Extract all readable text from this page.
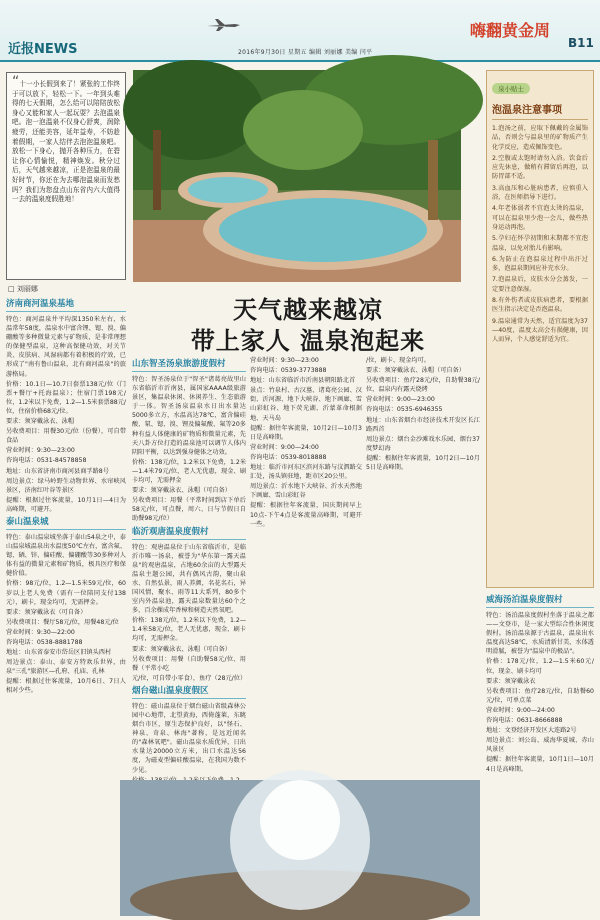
近报NEWS	2016年9月30日 星期五 编辑 刘丽娜 美编 闫平
嗨翻黄金周
B11
“十一小长假到来了！紧张的工作终于可以放下，轻松一下。一年到头难得的七天假期，怎么给可以陪陪放松身心又能和家人一起玩耍？去泡温泉吧。泡一泡温泉不仅身心舒爽，润除疲劳，还能美容，延年益寿，不妨趁着假期，一家人结伴去泡泡温泉吧。放松一下身心，抛开各种压力，在碧让你心情愉悦，精神焕发。秋分过后，天气越来越凉，正是泡温泉的最好时节，你还在为去哪泡温泉而发愁吗？我们为您盘点山东省内六大值得一去的温泉度假胜地！
□ 刘丽娜
天气越来越凉
带上家人 温泉泡起来
济南商河温泉基地

特色：商河温泉井平均深1350米左右，水温常年58度，温泉水中富含锂、锶、溴、偏硼酸等多种微量元素与矿物质，是非常理想的保健型温泉，这种高保健功效，对关节炎、皮肤病、风湿病都有着积极的疗效，已形成了"南有鲁山温泉，北有商河温泉"的旅游格局。

价格：10.1日—10.7日套票138元/位（门票+餐厅+托海温泉）；住宿门票198元/位，1.2米以下免费，1.2—1.5米套票88元/位，住宿价格68元/位。

要求：须穿戴泳衣、泳帽

另收费项目：用餐30元/位（份餐），可自带食品

营业时间：9:30—23:00

咨询电话：0531-84578858

地址：山东省济南市商河县商孚路8号

周边景点：绿马岭野生动物世界、水帘峡风景区，济南红叶谷等景区

提醒：根据过往客流量，10月1日—4日为高峰期，可避开。

泰山温泉城

特色：泰山温泉城坐落于泰山54泉之中，泰山温泉城温泉出水温度50℃左右，富含氟、锶、硒、锌、偏硅酸、偏硼酸等30多种对人体有益的微量元素和矿物质，极具医疗和保健价值。

价格：98元/位，1.2—1.5米59元/位，60岁以上老人免费（需有一位陪同支付138元），刷卡，现金均可，无需押金。

要求：须穿戴泳衣（可自备）

另收费项目：餐厅58元/位，用餐48元/位

营业时间：9:30—22:00

咨询电话：0538-8881788

地址：山东省泰安市岱岳区旧镇头西村

周边景点：泰山、泰安方特欢乐世界，由泉"三孔"旅游区—孔府、孔庙、孔林

提醒：根据过往客流量，10月6日、7日人相对少些。

山东智圣汤泉旅游度假村

特色：智圣汤泉位于"智圣"诸葛亮故里山东省临沂市沂南县，属国家AAAA级旅游景区，集温泉休闲、休闲养生、生态旅游于一体。智圣汤泉温泉水日出水量达5000多立方，水温高达78℃，富含偏硅酸、氡、锶、溴、锂及偏氟酸、氟等20多种有益人体健康的矿物质和微量元素，先天八卦方位打造的温泉池可以调节人体内阴阳平衡，以达到强身健体之功效。

价格：138元/位，1.2米以下免费，1.2米—1.4米79元/位，老人无优惠，现金、刷卡均可，无需押金

要求：须穿戴泳衣、泳帽（可自备）

另收费项目：用餐（平常时间到店下单后58元/位，可点餐，周六、日与节假日自助餐98元/位）

临沂观唐温泉度假村

特色：观唐温泉位于山东省临沂市，是临沂市唯一汤泉，被誉为"华东第一露天温泉"的观唐温泉，占地60余亩的大型露天温泉主题公园，共有偶风古韵，聚山泉水、自然弘景，雨人养颜，名花名石，异国风情，聚水、雨等11大系列，80多个室内外温泉池，露天温泉数量达60个之多，百余棵成年香樟和树造天然氧吧。

价格：138元/位，1.2米以下免费，1.2—1.4米58元/位，老人无优惠，现金、刷卡均可，无需押金。

要求：须穿戴泳衣、泳帽（可自备）

另收费项目：用餐（自助餐58元/位、用餐（平常小吃

元/位，可自带小零食），鱼疗（28元/位）

烟台磁山温泉度假区

特色：磁山温泉位于烟台磁山省级森林公园中心地带，北望黄海，西倚蓬莱，东眺烟台市区，原生态保护良好，以"怪石、神泉、奇泉、林海"著称，是远近闻名的"森林氧吧"。磁山温泉水质优异，日出水量达20000立方米，出口水温达56度，为磁麦型偏硅酸温泉，在我国为数不少见。

营业时间：9:30—23:00

咨询电话：0539-3773888

地址：山东省临沂市沂南县朝阳路北首

景点：竹泉村、古汉墓、诸葛亮公园、汉街、沂河源、地下大峡谷、地下画廊、雪山彩虹谷、地下荧光湖、沂蒙革命根据地、天马岛

提醒：据往年客流量，10月2日—10月3日是高峰期。

营业时间：9:00—24:00

咨询电话：0539-8018888

地址：临沂市河东区滨河东路与汶泗路交汇处，汤头镇驻地，距市区20公里。

周边景点：沂水地下大峡谷、沂水天然地下画廊、雪山彩虹谷

提醒：根据往年客流量，国庆期间早上10点-下午4点是客流量高峰期，可避开一些。

/位，刷卡、现金均可。

要求：须穿戴泳衣、泳帽（可自备）

另收费项目：鱼疗28元/位，自助餐38元/位，温泉内有露天烧烤

营业时间：9:00—23:00

咨询电话：0535-6946355

地址：山东省烟台市经济技术开发区长江路西首

周边景点：烟台金沙滩戏水乐园、烟台37度梦幻海

提醒：根据往年客流量，10月2日—10月5日是高峰期。

泉小贴士
泡温泉注意事项

1.泡汤之前，应取下佩戴的金属饰品，否则会与温泉里的矿物质产生化学反应，造成佩饰变色。

2.空腹或太饱时请勿入浴。饮食后应先休息，做稍有滞留后再泡，以防胃部不适。

3.高血压和心脏病患者，应慎重入浴，在医师指导下进行。

4.年老体弱者不宜泡太烫的温泉，可以在温泉里少泡一会儿，做些热身运动再泡。

5.孕妇在怀孕初期和末期都不宜泡温泉，以免对胎儿有影响。

6.为防止在泡温泉过程中出汗过多，泡温泉期间应补充水分。

7.泡温泉后，皮肤水分会蒸发，一定要注意保湿。

8.有外伤者或皮肤病患者，要根据医生指示决定是否泡温泉。

9.温泉通常为天然，适宜温度为37—40度，温度太高会有损健康，因人而异，个人感觉舒适为宜。

威海汤泊温泉度假村

特色：汤泊温泉度假村坐落于温泉之都——文登市，是一家大型综合性休闲度假村。汤泊温泉源于古温泉，温泉出水温度高达58℃，水质清新甘美，水体透明滑腻，被誉为"温泉中的极品"。

价格：178元/位，1.2—1.5米60元/位，现金、刷卡均可

要求：须穿戴泳衣

另收费项目：鱼疗28元/位，自助餐60元/位，可单点菜

营业时间：9:00—24:00

咨询电话：0631-8666888

地址：文登经济开发区大连路2号

周边景点：刘公岛、威海华夏城、赤山风景区

提醒：据往年客流量，10月1日—10月4日是高峰期。
